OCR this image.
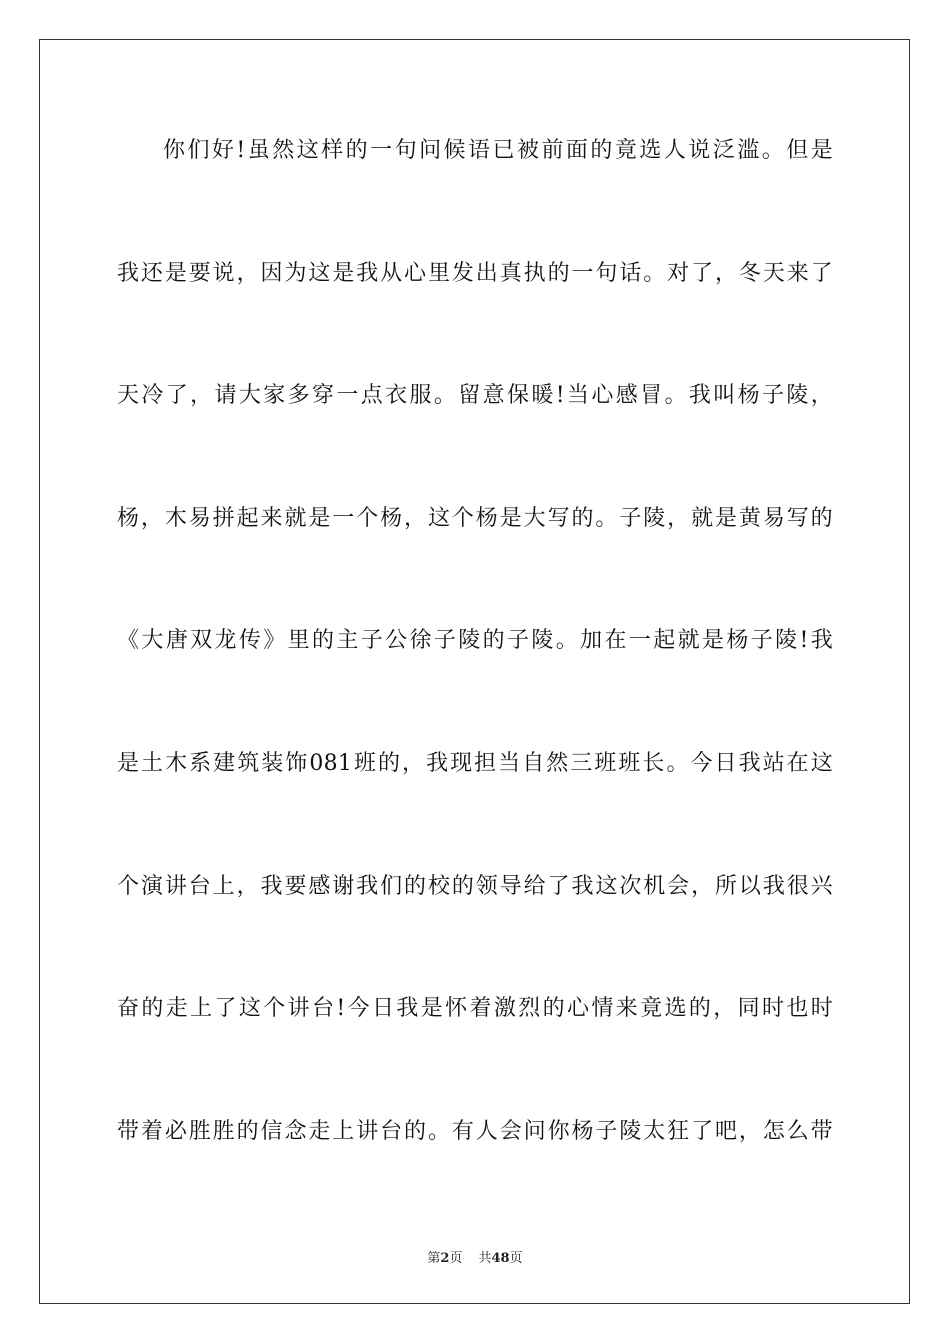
你们好!虽然这样的一句问候语已被前面的竟选人说泛滥。但是
我还是要说，因为这是我从心里发出真执的一句话。对了，冬天来了
天冷了，请大家多穿一点衣服。留意保暖!当心感冒。我叫杨子陵，
杨，木易拼起来就是一个杨，这个杨是大写的。子陵，就是黄易写的
《大唐双龙传》里的主子公徐子陵的子陵。加在一起就是杨子陵!我
是土木系建筑装饰081班的，我现担当自然三班班长。今日我站在这
个演讲台上，我要感谢我们的校的领导给了我这次机会，所以我很兴
奋的走上了这个讲台!今日我是怀着激烈的心情来竟选的，同时也时
带着必胜胜的信念走上讲台的。有人会问你杨子陵太狂了吧，怎么带
第2页 共48页
